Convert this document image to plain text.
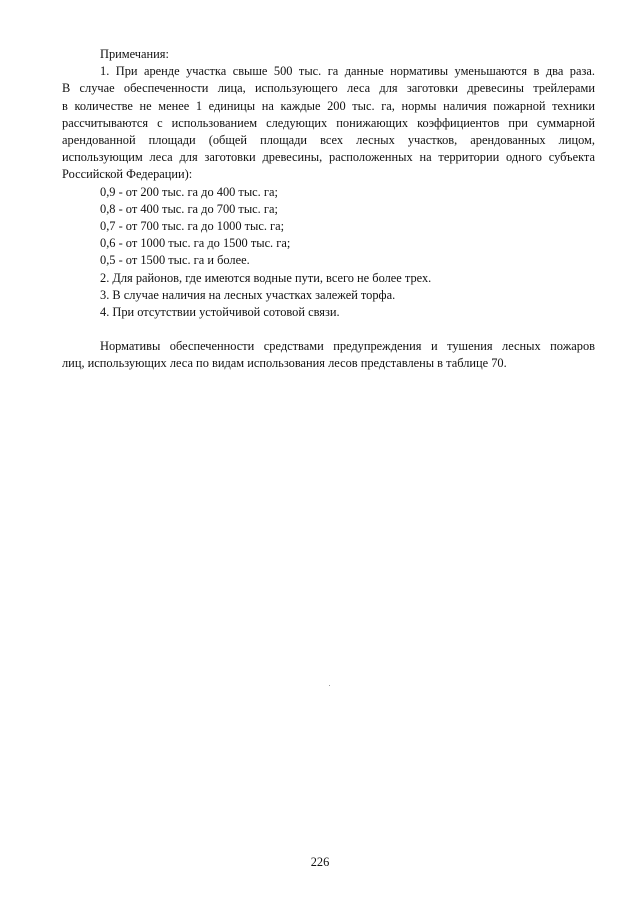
Примечания:
1. При аренде участка свыше 500 тыс. га данные нормативы уменьшаются в два раза.
В случае обеспеченности лица, использующего леса для заготовки древесины трейлерами
в количестве не менее 1 единицы на каждые 200 тыс. га, нормы наличия пожарной техники
рассчитываются с использованием следующих понижающих коэффициентов при суммарной
арендованной площади (общей площади всех лесных участков, арендованных лицом,
использующим леса для заготовки древесины, расположенных на территории одного субъекта
Российской Федерации):
0,9 - от 200 тыс. га до 400 тыс. га;
0,8 - от 400 тыс. га до 700 тыс. га;
0,7 - от 700 тыс. га до 1000 тыс. га;
0,6 - от 1000 тыс. га до 1500 тыс. га;
0,5 - от 1500 тыс. га и более.
2. Для районов, где имеются водные пути, всего не более трех.
3. В случае наличия на лесных участках залежей торфа.
4. При отсутствии устойчивой сотовой связи.
Нормативы обеспеченности средствами предупреждения и тушения лесных пожаров
лиц, использующих леса по видам использования лесов представлены в таблице 70.
226
